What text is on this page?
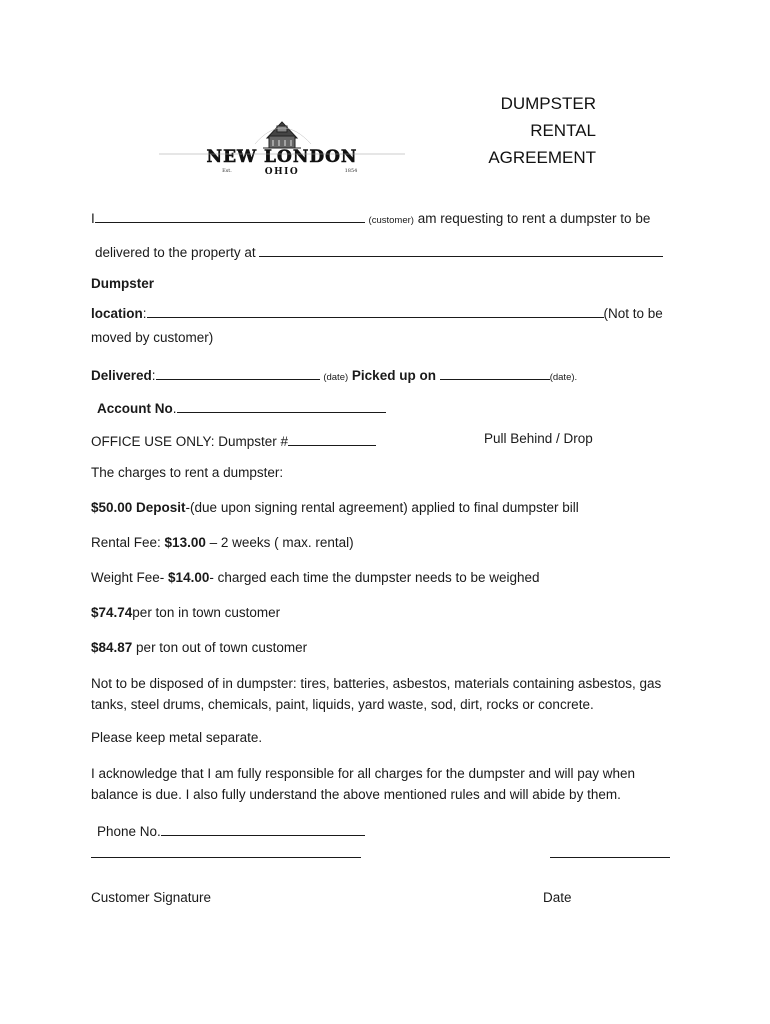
DUMPSTER
RENTAL
AGREEMENT
NEW LONDON
OHIO
Est.	1854
I	(customer) am requesting to rent a dumpster to be
delivered to the property at
Dumpster
location:	(Not to be
moved by customer)
Delivered:	(date) Picked up on	(date).
Account No.
OFFICE USE ONLY: Dumpster #	Pull Behind / Drop
The charges to rent a dumpster:
$50.00 Deposit-(due upon signing rental agreement) applied to final dumpster bill
Rental Fee: $13.00 – 2 weeks ( max. rental)
Weight Fee- $14.00- charged each time the dumpster needs to be weighed
$74.74per ton in town customer
$84.87 per ton out of town customer
Not to be disposed of in dumpster: tires, batteries, asbestos, materials containing asbestos, gas tanks, steel drums, chemicals, paint, liquids, yard waste, sod, dirt, rocks or concrete.
Please keep metal separate.
I acknowledge that I am fully responsible for all charges for the dumpster and will pay when balance is due. I also fully understand the above mentioned rules and will abide by them.
Phone No.
Customer Signature	Date
